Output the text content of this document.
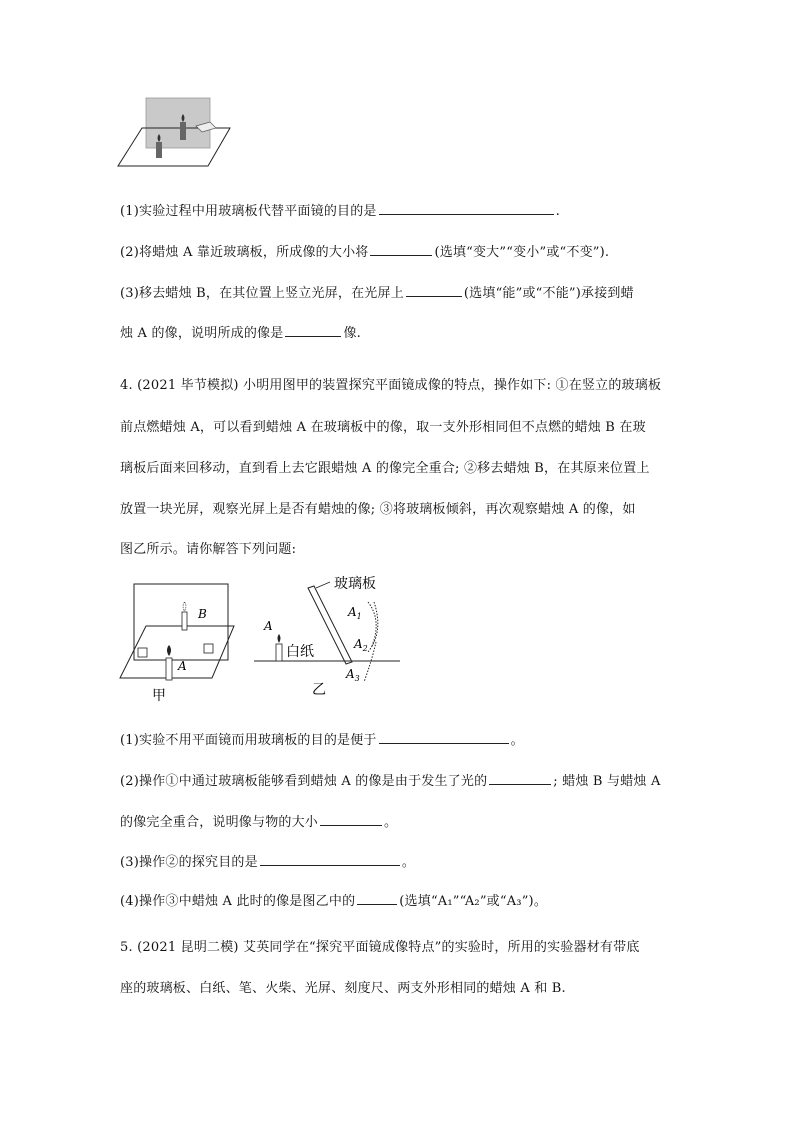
(1)实验过程中用玻璃板代替平面镜的目的是	.
(2)将蜡烛 A 靠近玻璃板，所成像的大小将	(选填“变大”“变小”或“不变”).
(3)移去蜡烛 B，在其位置上竖立光屏，在光屏上	(选填“能”或“不能”)承接到蜡
烛 A 的像，说明所成的像是	像.
4. (2021 毕节模拟) 小明用图甲的装置探究平面镜成像的特点，操作如下: ①在竖立的玻璃板
前点燃蜡烛 A，可以看到蜡烛 A 在玻璃板中的像，取一支外形相同但不点燃的蜡烛 B 在玻
璃板后面来回移动，直到看上去它跟蜡烛 A 的像完全重合; ②移去蜡烛 B，在其原来位置上
放置一块光屏，观察光屏上是否有蜡烛的像; ③将玻璃板倾斜，再次观察蜡烛 A 的像，如
图乙所示。请你解答下列问题:
B
A
甲
玻璃板
A
白纸
$A_1$
$A_2$
$A_3$
乙
(1)实验不用平面镜而用玻璃板的目的是便于	。
(2)操作①中通过玻璃板能够看到蜡烛 A 的像是由于发生了光的	; 蜡烛 B 与蜡烛 A
的像完全重合，说明像与物的大小	。
(3)操作②的探究目的是	。
(4)操作③中蜡烛 A 此时的像是图乙中的	(选填“A₁”“A₂”或“A₃”)。
5. (2021 昆明二模) 艾英同学在“探究平面镜成像特点”的实验时，所用的实验器材有带底
座的玻璃板、白纸、笔、火柴、光屏、刻度尺、两支外形相同的蜡烛 A 和 B.
